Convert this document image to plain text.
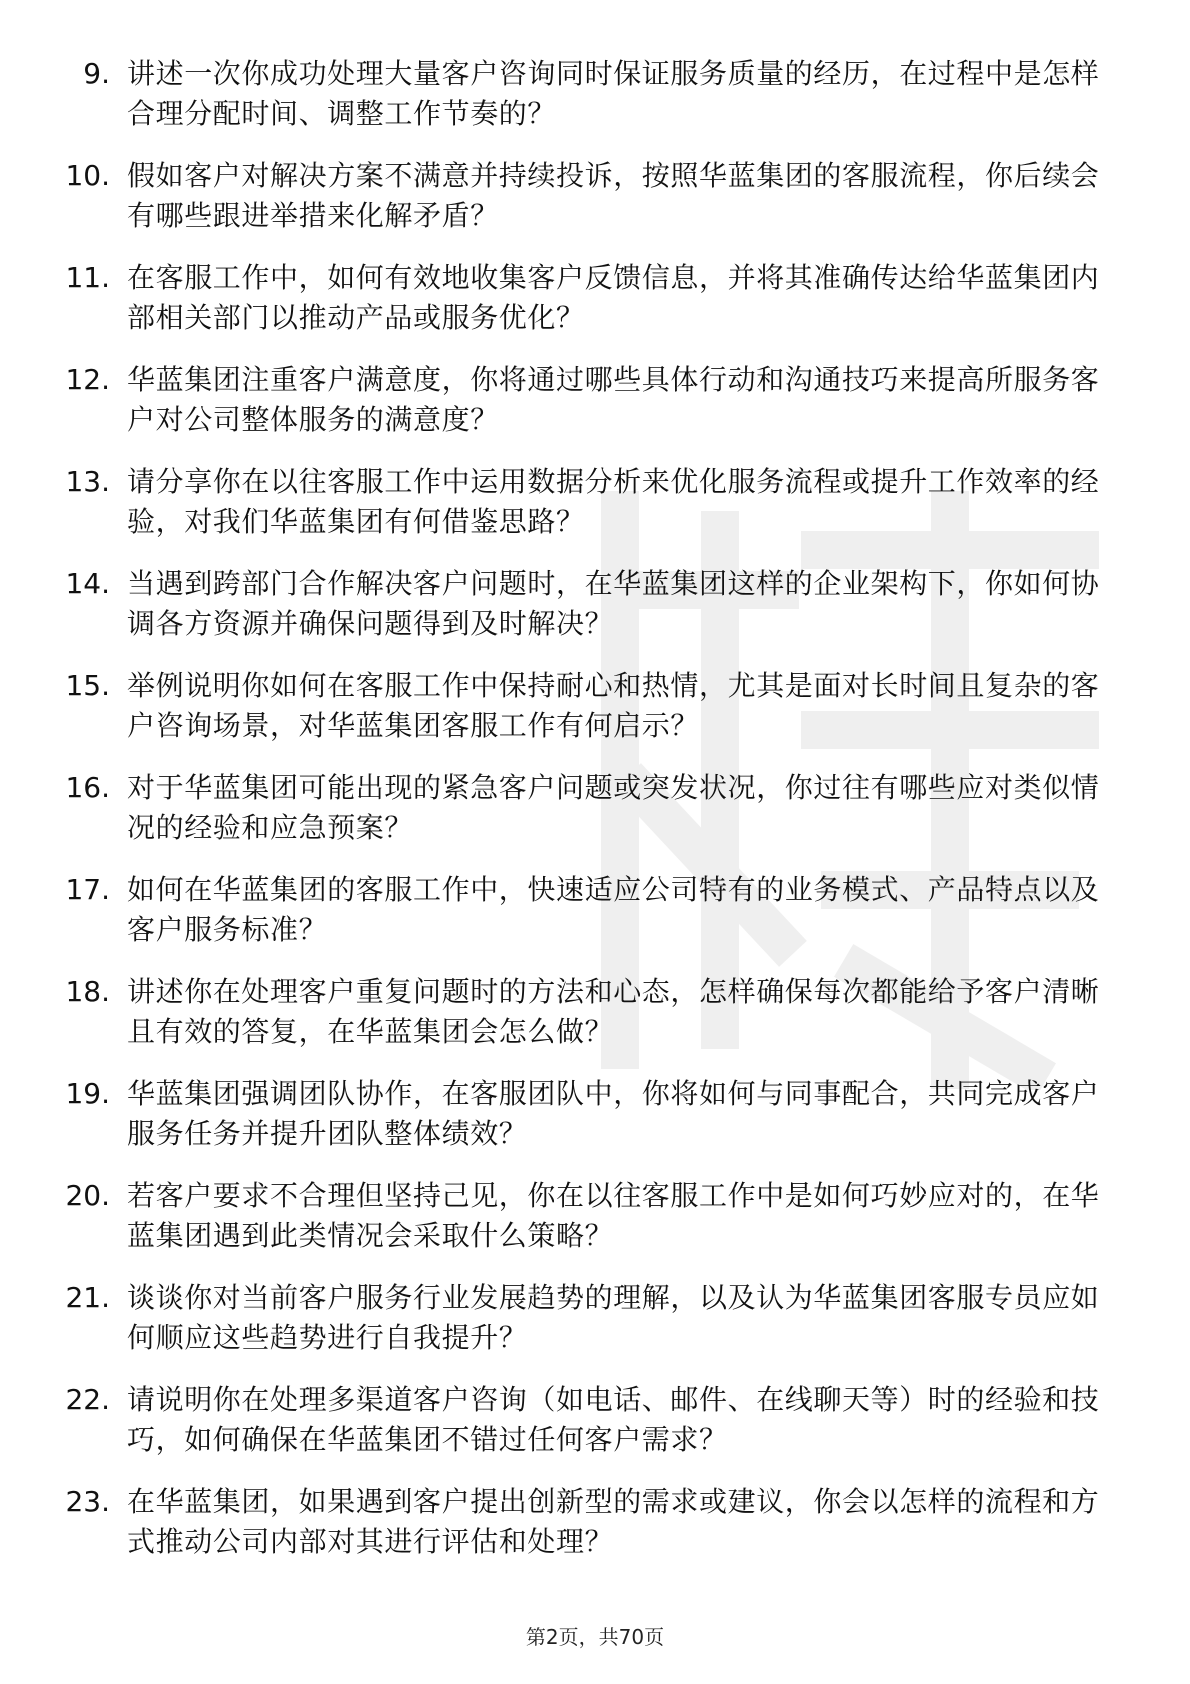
9. 讲述一次你成功处理大量客户咨询同时保证服务质量的经历，在过程中是怎样合理分配时间、调整工作节奏的？
10. 假如客户对解决方案不满意并持续投诉，按照华蓝集团的客服流程，你后续会有哪些跟进举措来化解矛盾？
11. 在客服工作中，如何有效地收集客户反馈信息，并将其准确传达给华蓝集团内部相关部门以推动产品或服务优化？
12. 华蓝集团注重客户满意度，你将通过哪些具体行动和沟通技巧来提高所服务客户对公司整体服务的满意度？
13. 请分享你在以往客服工作中运用数据分析来优化服务流程或提升工作效率的经验，对我们华蓝集团有何借鉴思路？
14. 当遇到跨部门合作解决客户问题时，在华蓝集团这样的企业架构下，你如何协调各方资源并确保问题得到及时解决？
15. 举例说明你如何在客服工作中保持耐心和热情，尤其是面对长时间且复杂的客户咨询场景，对华蓝集团客服工作有何启示？
16. 对于华蓝集团可能出现的紧急客户问题或突发状况，你过往有哪些应对类似情况的经验和应急预案？
17. 如何在华蓝集团的客服工作中，快速适应公司特有的业务模式、产品特点以及客户服务标准？
18. 讲述你在处理客户重复问题时的方法和心态，怎样确保每次都能给予客户清晰且有效的答复，在华蓝集团会怎么做？
19. 华蓝集团强调团队协作，在客服团队中，你将如何与同事配合，共同完成客户服务任务并提升团队整体绩效？
20. 若客户要求不合理但坚持己见，你在以往客服工作中是如何巧妙应对的，在华蓝集团遇到此类情况会采取什么策略？
21. 谈谈你对当前客户服务行业发展趋势的理解，以及认为华蓝集团客服专员应如何顺应这些趋势进行自我提升？
22. 请说明你在处理多渠道客户咨询（如电话、邮件、在线聊天等）时的经验和技巧，如何确保在华蓝集团不错过任何客户需求？
23. 在华蓝集团，如果遇到客户提出创新型的需求或建议，你会以怎样的流程和方式推动公司内部对其进行评估和处理？
第2页，共70页
